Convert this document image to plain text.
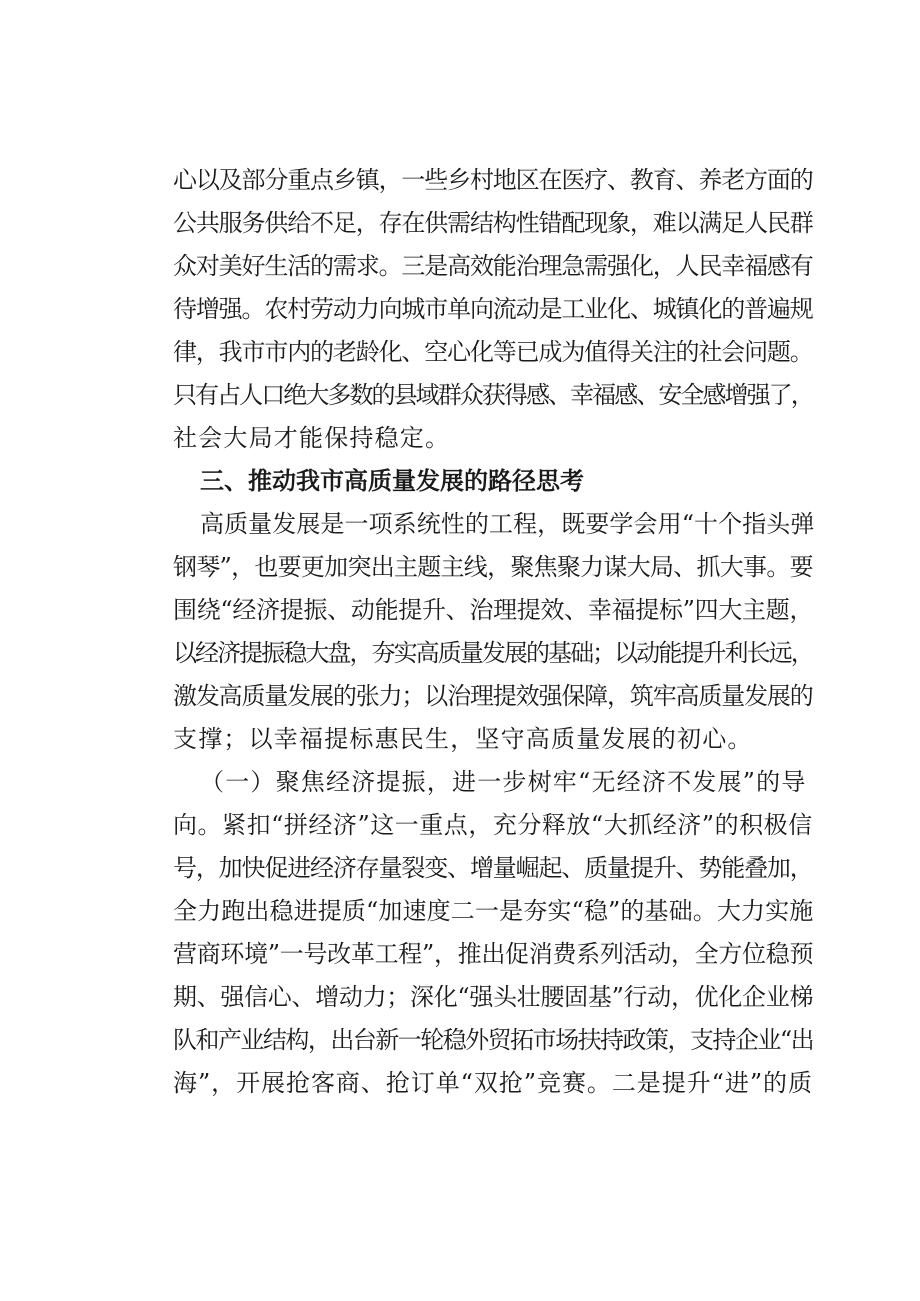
心以及部分重点乡镇，一些乡村地区在医疗、教育、养老方面的
公共服务供给不足，存在供需结构性错配现象，难以满足人民群
众对美好生活的需求。三是高效能治理急需强化，人民幸福感有
待增强。农村劳动力向城市单向流动是工业化、城镇化的普遍规
律，我市市内的老龄化、空心化等已成为值得关注的社会问题。
只有占人口绝大多数的县域群众获得感、幸福感、安全感增强了，
社会大局才能保持稳定。
三、推动我市高质量发展的路径思考
高质量发展是一项系统性的工程，既要学会用“十个指头弹
钢琴”，也要更加突出主题主线，聚焦聚力谋大局、抓大事。要
围绕“经济提振、动能提升、治理提效、幸福提标”四大主题，
以经济提振稳大盘，夯实高质量发展的基础；以动能提升利长远，
激发高质量发展的张力；以治理提效强保障，筑牢高质量发展的
支撑；以幸福提标惠民生，坚守高质量发展的初心。
（一）聚焦经济提振，进一步树牢“无经济不发展”的导
向。紧扣“拼经济”这一重点，充分释放“大抓经济”的积极信
号，加快促进经济存量裂变、增量崛起、质量提升、势能叠加，
全力跑出稳进提质“加速度二一是夯实“稳”的基础。大力实施
营商环境”一号改革工程”，推出促消费系列活动，全方位稳预
期、强信心、增动力；深化“强头壮腰固基”行动，优化企业梯
队和产业结构，出台新一轮稳外贸拓市场扶持政策，支持企业“出
海”，开展抢客商、抢订单“双抢”竞赛。二是提升“进”的质
